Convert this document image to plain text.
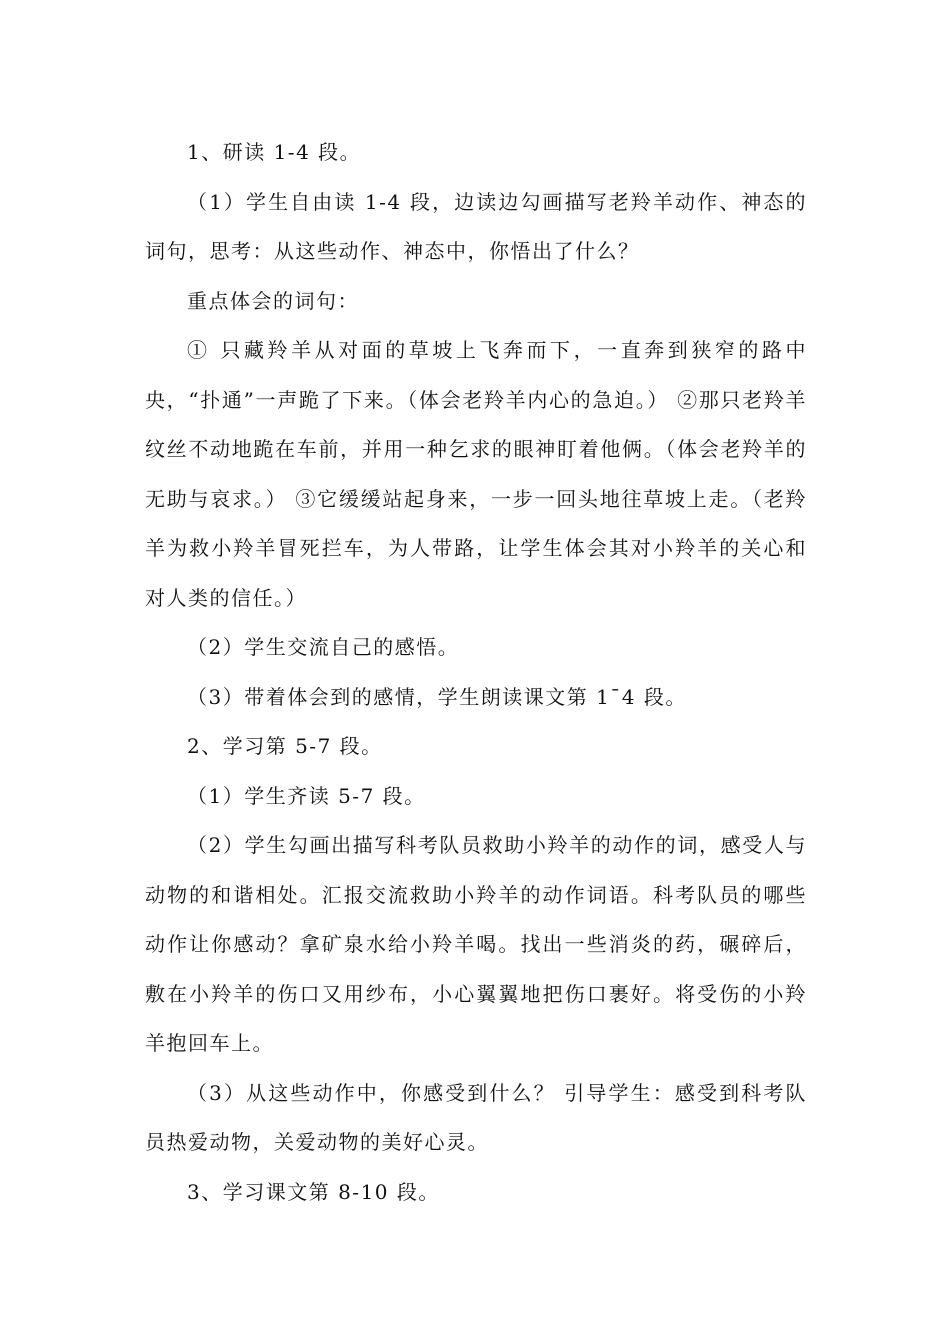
1、研读 1-4 段。

（1）学生自由读 1-4 段，边读边勾画描写老羚羊动作、神态的词句，思考：从这些动作、神态中，你悟出了什么？

重点体会的词句：

① 只藏羚羊从对面的草坡上飞奔而下，一直奔到狭窄的路中央，“扑通”一声跪了下来。（体会老羚羊内心的急迫。） ②那只老羚羊纹丝不动地跪在车前，并用一种乞求的眼神盯着他俩。（体会老羚羊的无助与哀求。） ③它缓缓站起身来，一步一回头地往草坡上走。（老羚羊为救小羚羊冒死拦车，为人带路，让学生体会其对小羚羊的关心和对人类的信任。）

（2）学生交流自己的感悟。

（3）带着体会到的感情，学生朗读课文第 1¯4 段。

2、学习第 5-7 段。

（1）学生齐读 5-7 段。

（2）学生勾画出描写科考队员救助小羚羊的动作的词，感受人与动物的和谐相处。汇报交流救助小羚羊的动作词语。科考队员的哪些动作让你感动？拿矿泉水给小羚羊喝。找出一些消炎的药，碾碎后，敷在小羚羊的伤口又用纱布，小心翼翼地把伤口裹好。将受伤的小羚羊抱回车上。

（3）从这些动作中，你感受到什么？ 引导学生：感受到科考队员热爱动物，关爱动物的美好心灵。

3、学习课文第 8-10 段。
